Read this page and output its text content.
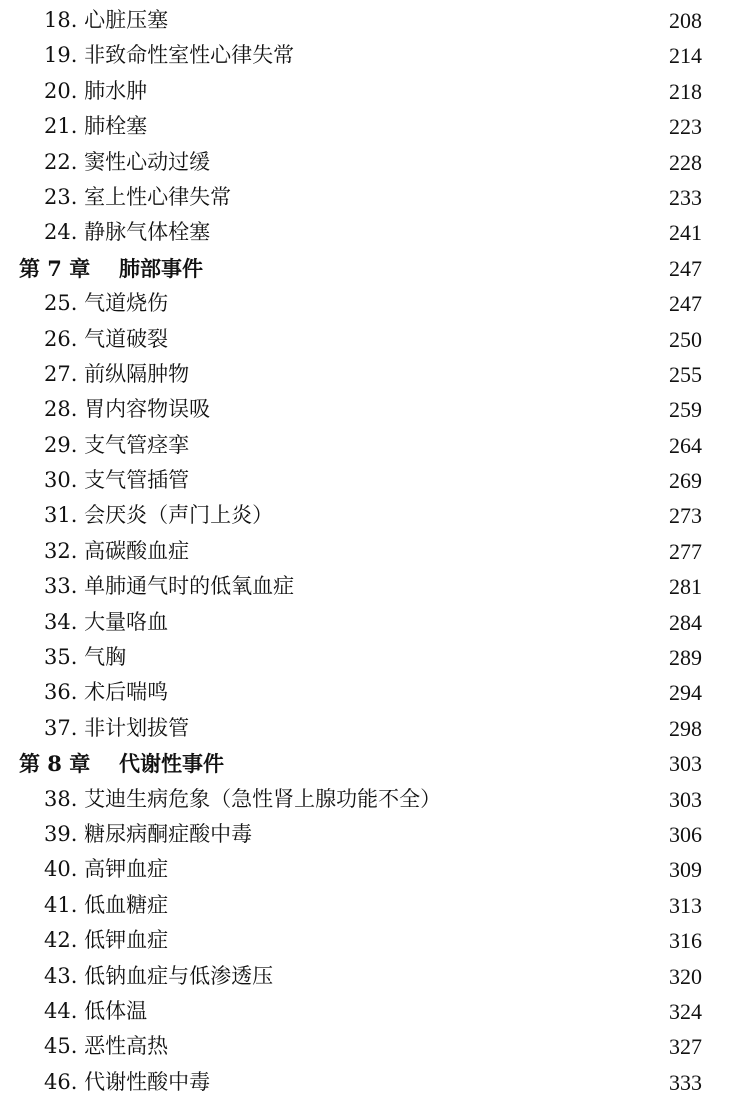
18. 心脏压塞	208
19. 非致命性室性心律失常	214
20. 肺水肿	218
21. 肺栓塞	223
22. 窦性心动过缓	228
23. 室上性心律失常	233
24. 静脉气体栓塞	241
第 7 章 肺部事件	247
25. 气道烧伤	247
26. 气道破裂	250
27. 前纵隔肿物	255
28. 胃内容物误吸	259
29. 支气管痉挛	264
30. 支气管插管	269
31. 会厌炎（声门上炎）	273
32. 高碳酸血症	277
33. 单肺通气时的低氧血症	281
34. 大量咯血	284
35. 气胸	289
36. 术后喘鸣	294
37. 非计划拔管	298
第 8 章 代谢性事件	303
38. 艾迪生病危象（急性肾上腺功能不全）	303
39. 糖尿病酮症酸中毒	306
40. 高钾血症	309
41. 低血糖症	313
42. 低钾血症	316
43. 低钠血症与低渗透压	320
44. 低体温	324
45. 恶性高热	327
46. 代谢性酸中毒	333
